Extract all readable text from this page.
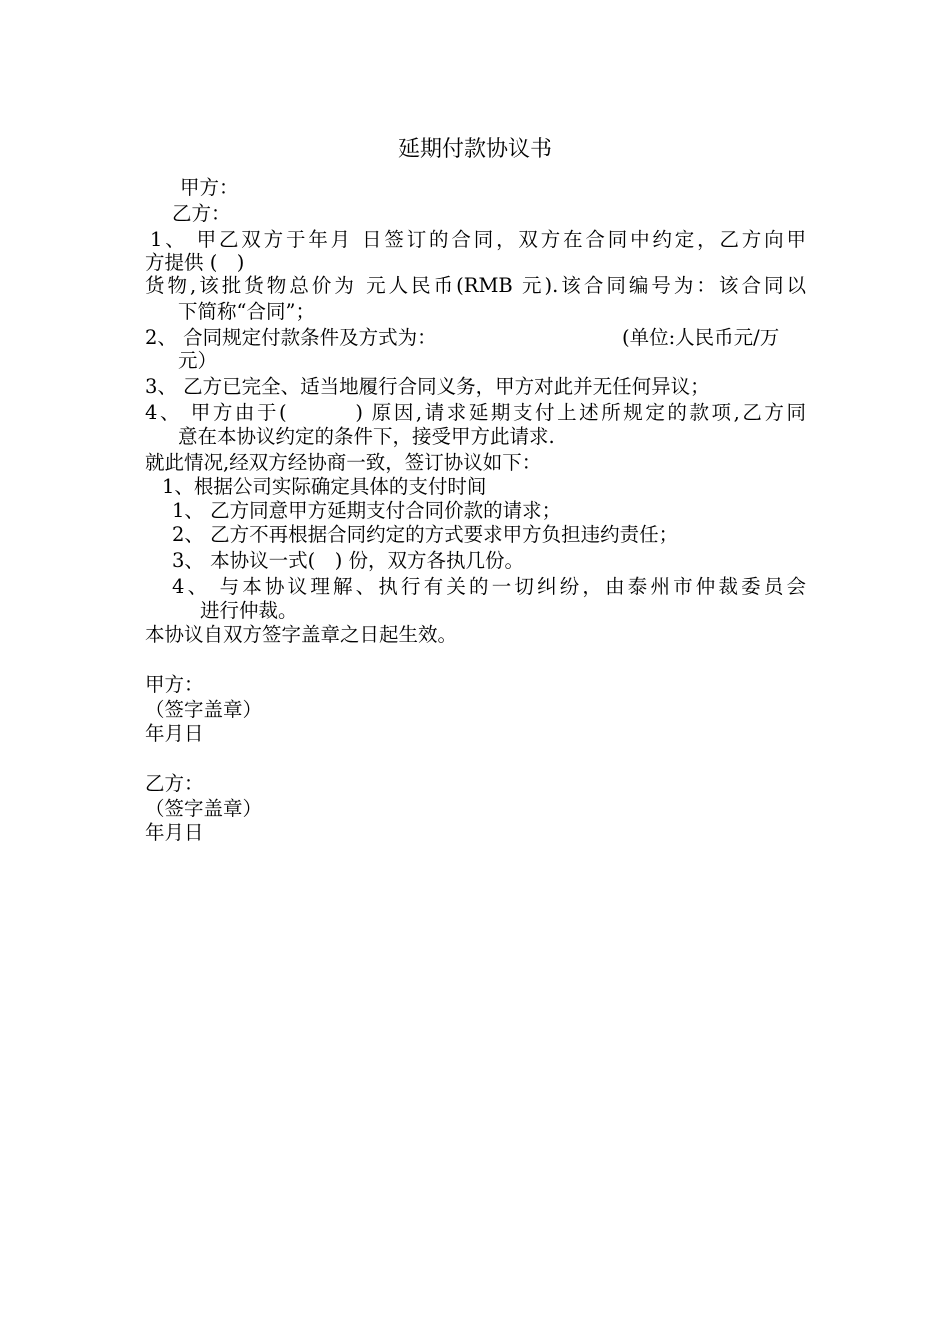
延期付款协议书
甲方：
乙方：
1、 甲乙双方于年月 日签订的合同，双方在合同中约定，乙方向甲
方提供 (　)
货物,该批货物总价为 元人民币(RMB 元).该合同编号为：该合同以
下简称“合同”；
2、 合同规定付款条件及方式为：	(单位:人民币元/万
元）
3、 乙方已完全、适当地履行合同义务，甲方对此并无任何异议；
4、 甲方由于(　　　) 原因,请求延期支付上述所规定的款项,乙方同
意在本协议约定的条件下，接受甲方此请求.
就此情况,经双方经协商一致，签订协议如下：
1、根据公司实际确定具体的支付时间
1、 乙方同意甲方延期支付合同价款的请求；
2、 乙方不再根据合同约定的方式要求甲方负担违约责任；
3、 本协议一式(　) 份，双方各执几份。
4、 与本协议理解、执行有关的一切纠纷，由泰州市仲裁委员会
进行仲裁。
本协议自双方签字盖章之日起生效。
甲方：
（签字盖章）
年月日
乙方：
（签字盖章）
年月日
